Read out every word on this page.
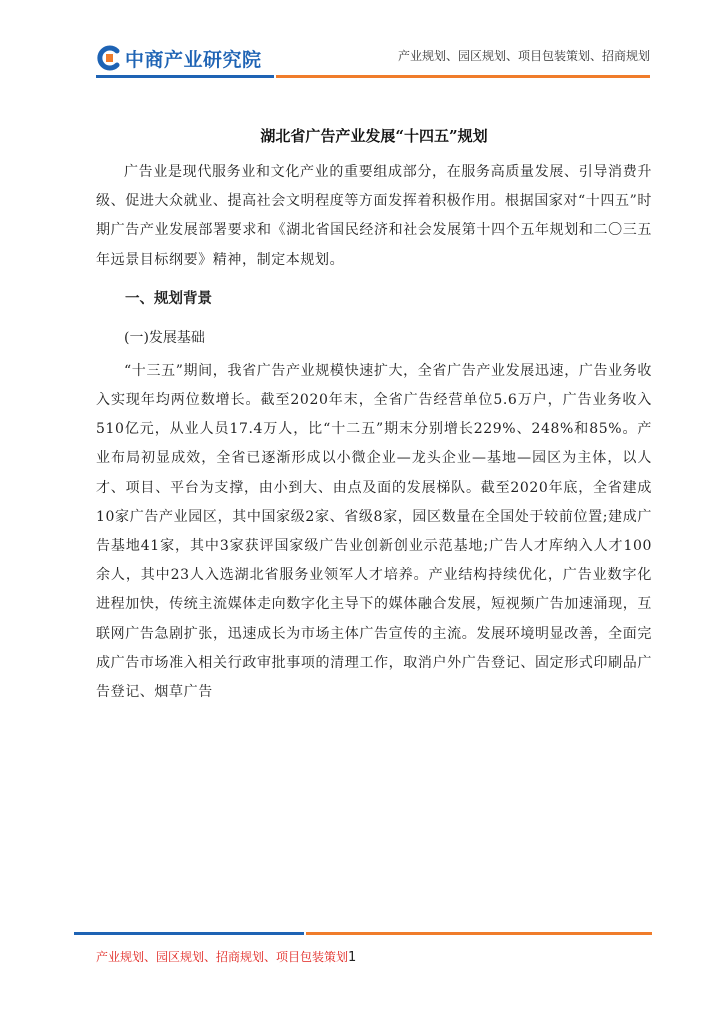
中商产业研究院	产业规划、园区规划、项目包装策划、招商规划
湖北省广告产业发展“十四五”规划

广告业是现代服务业和文化产业的重要组成部分，在服务高质量发展、引导消费升级、促进大众就业、提高社会文明程度等方面发挥着积极作用。根据国家对“十四五”时期广告产业发展部署要求和《湖北省国民经济和社会发展第十四个五年规划和二〇三五年远景目标纲要》精神，制定本规划。

一、规划背景
(一)发展基础

“十三五”期间，我省广告产业规模快速扩大，全省广告产业发展迅速，广告业务收入实现年均两位数增长。截至2020年末，全省广告经营单位5.6万户，广告业务收入510亿元，从业人员17.4万人，比“十二五”期末分别增长229%、248%和85%。产业布局初显成效，全省已逐渐形成以小微企业—龙头企业—基地—园区为主体，以人才、项目、平台为支撑，由小到大、由点及面的发展梯队。截至2020年底，全省建成10家广告产业园区，其中国家级2家、省级8家，园区数量在全国处于较前位置;建成广告基地41家，其中3家获评国家级广告业创新创业示范基地;广告人才库纳入人才100余人，其中23人入选湖北省服务业领军人才培养。产业结构持续优化，广告业数字化进程加快，传统主流媒体走向数字化主导下的媒体融合发展，短视频广告加速涌现，互联网广告急剧扩张，迅速成长为市场主体广告宣传的主流。发展环境明显改善，全面完成广告市场准入相关行政审批事项的清理工作，取消户外广告登记、固定形式印刷品广告登记、烟草广告

产业规划、园区规划、招商规划、项目包装策划1
